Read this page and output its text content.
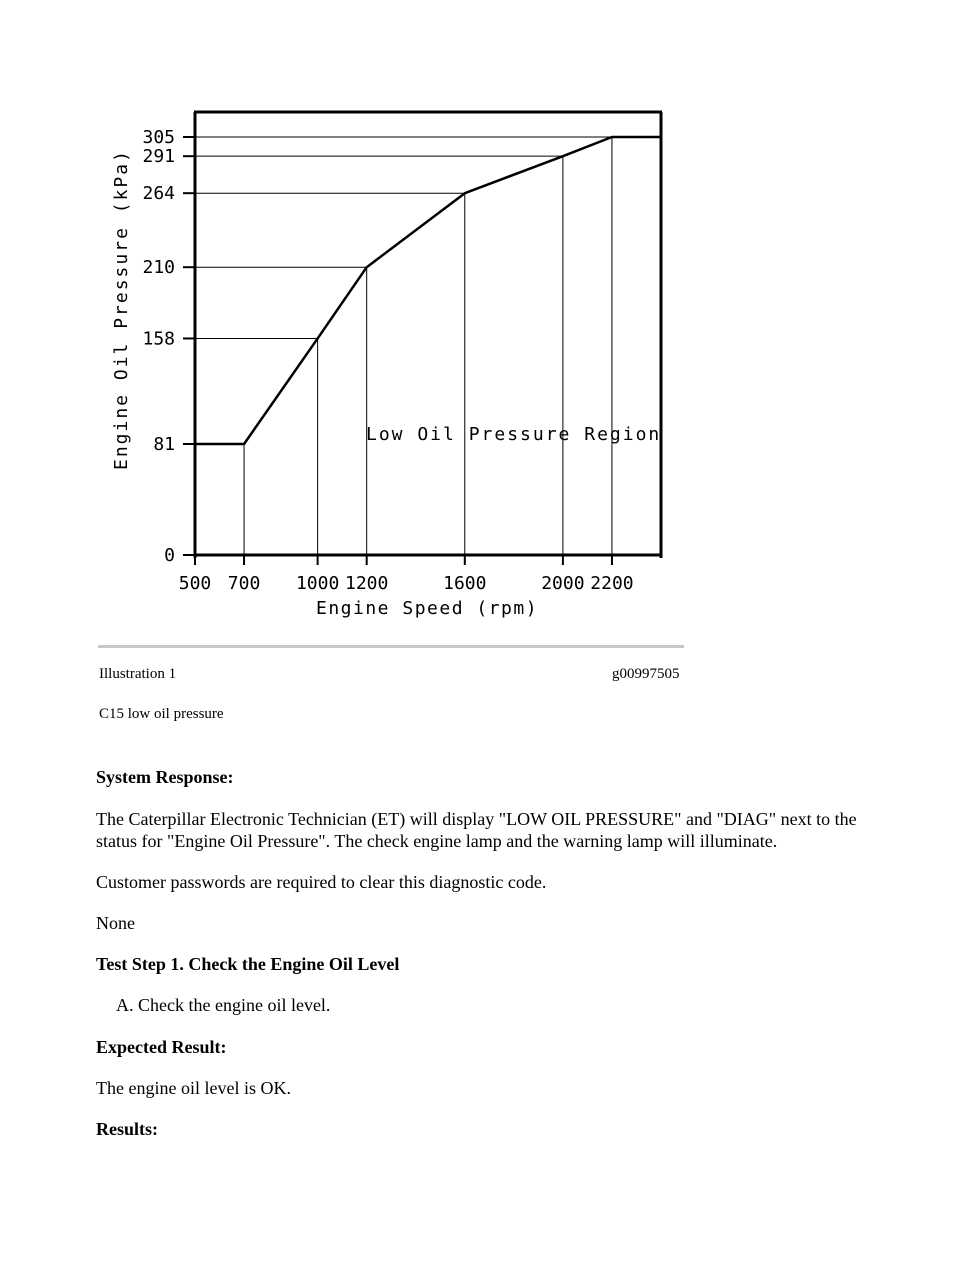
0
81
158
210
264
291
305
500 700 1000 1200	1600	2000 2200
Low Oil Pressure Region
Engine Speed (rpm)
Engine Oil Pressure (kPa)
Illustration 1	g00997505
C15 low oil pressure
System Response:
The Caterpillar Electronic Technician (ET) will display "LOW OIL PRESSURE" and "DIAG" next to the status for "Engine Oil Pressure". The check engine lamp and the warning lamp will illuminate.
Customer passwords are required to clear this diagnostic code.
None
Test Step 1. Check the Engine Oil Level
A. Check the engine oil level.
Expected Result:
The engine oil level is OK.
Results:
